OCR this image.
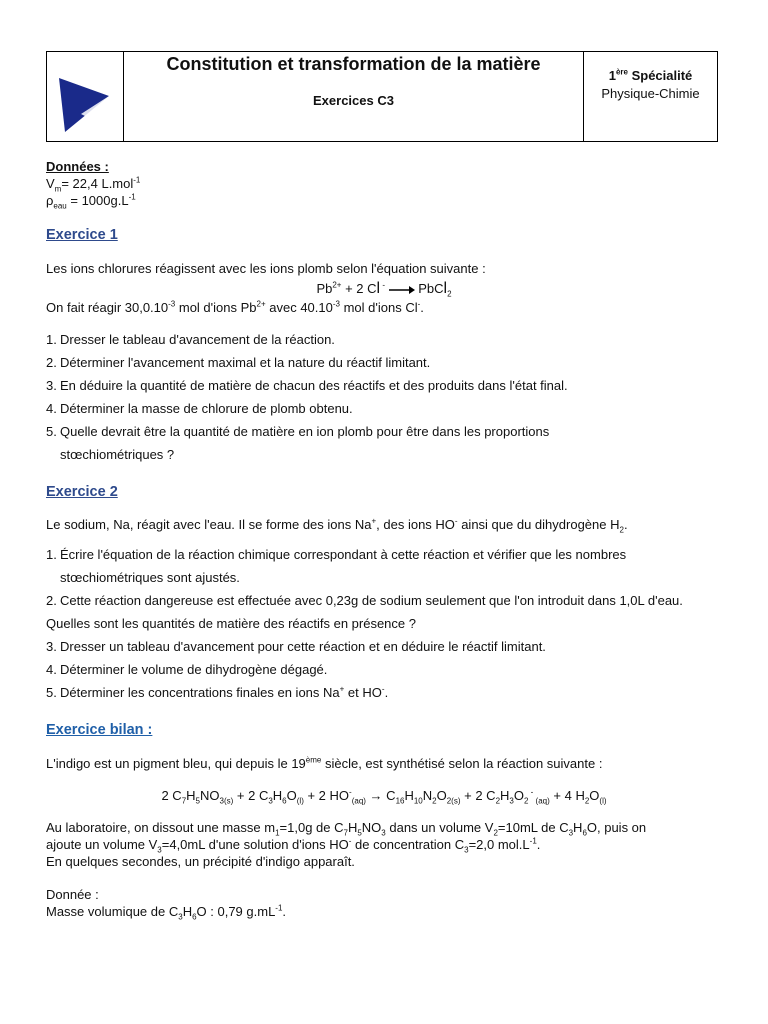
Constitution et transformation de la matière
Exercices C3
1ère Spécialité
Physique-Chimie
Données :
$V_m= 22,4$ L.mol$^{-1}$
$\rho_{eau} = 1000g.L^{-1}$
Exercice 1
Les ions chlorures réagissent avec les ions plomb selon l'équation suivante :
$Pb^{2+} + 2$ Cl - → PbCl$_2$
On fait réagir $30,0.10^{-3}$ mol d'ions $Pb^{2+}$ avec $40.10^{-3}$ mol d'ions Cl-.
1. Dresser le tableau d'avancement de la réaction.
2. Déterminer l'avancement maximal et la nature du réactif limitant.
3. En déduire la quantité de matière de chacun des réactifs et des produits dans l'état final.
4. Déterminer la masse de chlorure de plomb obtenu.
5. Quelle devrait être la quantité de matière en ion plomb pour être dans les proportions stœchiométriques ?
Exercice 2
Le sodium, Na, réagit avec l'eau. Il se forme des ions Na+, des ions HO- ainsi que du dihydrogène $H_2$.
1. Écrire l'équation de la réaction chimique correspondant à cette réaction et vérifier que les nombres stœchiométriques sont ajustés.
2. Cette réaction dangereuse est effectuée avec 0,23g de sodium seulement que l'on introduit dans 1,0L d'eau.
Quelles sont les quantités de matière des réactifs en présence ?
3. Dresser un tableau d'avancement pour cette réaction et en déduire le réactif limitant.
4. Déterminer le volume de dihydrogène dégagé.
5. Déterminer les concentrations finales en ions Na+ et HO-.
Exercice bilan :
L'indigo est un pigment bleu, qui depuis le 19ème siècle, est synthétisé selon la réaction suivante :
2 $C_7H_5NO_{3(s)} + 2$ $C_3H_6O_{(l)} + 2$ $HO^-_{(aq)} \to C_{16}H_{10}N_2O_{2(s)} + 2$ $C_2H_3O_2$ - $_{(aq)}$ + 4 $H_2O_{(l)}$
Au laboratoire, on dissout une masse $m_1=1,0g$ de $C_7H_5NO_3$ dans un volume $V_2=10mL$ de $C_3H_6O$, puis on
ajoute un volume $V_3=4,0mL$ d'une solution d'ions HO- de concentration $C_3=2,0$ $mol.L^{-1}$.
En quelques secondes, un précipité d'indigo apparaît.
Donnée :
Masse volumique de $C_3H_6O$ : 0,79 $g.mL^{-1}$.
